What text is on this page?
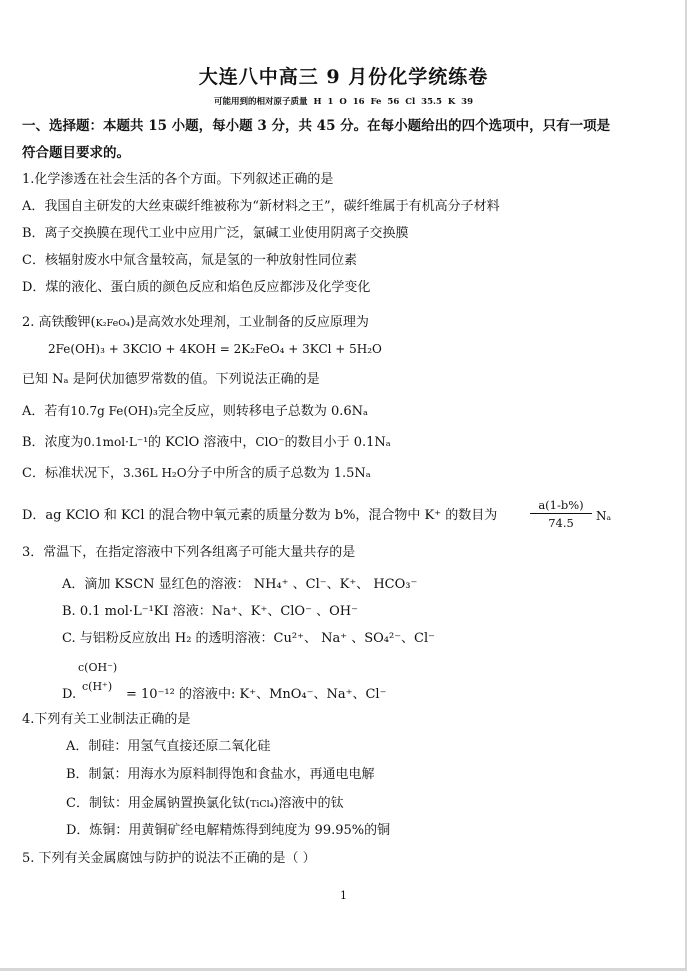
大连八中高三 9 月份化学统练卷
可能用到的相对原子质量 H 1 O 16 Fe 56 Cl 35.5 K 39
一、选择题：本题共 15 小题，每小题 3 分，共 45 分。在每小题给出的四个选项中，只有一项是
符合题目要求的。
1.化学渗透在社会生活的各个方面。下列叙述正确的是
A．我国自主研发的大丝束碳纤维被称为“新材料之王”，碳纤维属于有机高分子材料
B．离子交换膜在现代工业中应用广泛，氯碱工业使用阴离子交换膜
C．核辐射废水中氚含量较高，氚是氢的一种放射性同位素
D．煤的液化、蛋白质的颜色反应和焰色反应都涉及化学变化
2. 高铁酸钾(K₂FeO₄)是高效水处理剂，工业制备的反应原理为
2Fe(OH)₃ + 3KClO + 4KOH = 2K₂FeO₄ + 3KCl + 5H₂O
已知 Nₐ 是阿伏加德罗常数的值。下列说法正确的是
A．若有10.7g Fe(OH)₃完全反应，则转移电子总数为 0.6Nₐ
B．浓度为0.1mol·L⁻¹的 KClO 溶液中，ClO⁻的数目小于 0.1Nₐ
C．标准状况下，3.36L H₂O分子中所含的质子总数为 1.5Nₐ
D．ag KClO 和 KCl 的混合物中氧元素的质量分数为 b%，混合物中 K⁺ 的数目为	$\frac{a(1-b\%)}{74.5}$ Nₐ
3．常温下，在指定溶液中下列各组离子可能大量共存的是
A．滴加 KSCN 显红色的溶液： NH₄⁺ 、Cl⁻、K⁺、 HCO₃⁻
B. 0.1 mol·L⁻¹KI 溶液：Na⁺、K⁺、ClO⁻ 、OH⁻
C. 与铝粉反应放出 H₂ 的透明溶液：Cu²⁺、 Na⁺ 、SO₄²⁻、Cl⁻
c(OH⁻)
c(H⁺)
D.	= 10⁻¹² 的溶液中: K⁺、MnO₄⁻、Na⁺、Cl⁻
4.下列有关工业制法正确的是
A．制硅：用氢气直接还原二氧化硅
B．制氯：用海水为原料制得饱和食盐水，再通电电解
C．制钛：用金属钠置换氯化钛(TiCl₄)溶液中的钛
D．炼铜：用黄铜矿经电解精炼得到纯度为 99.95%的铜
5. 下列有关金属腐蚀与防护的说法不正确的是（ ）
1
